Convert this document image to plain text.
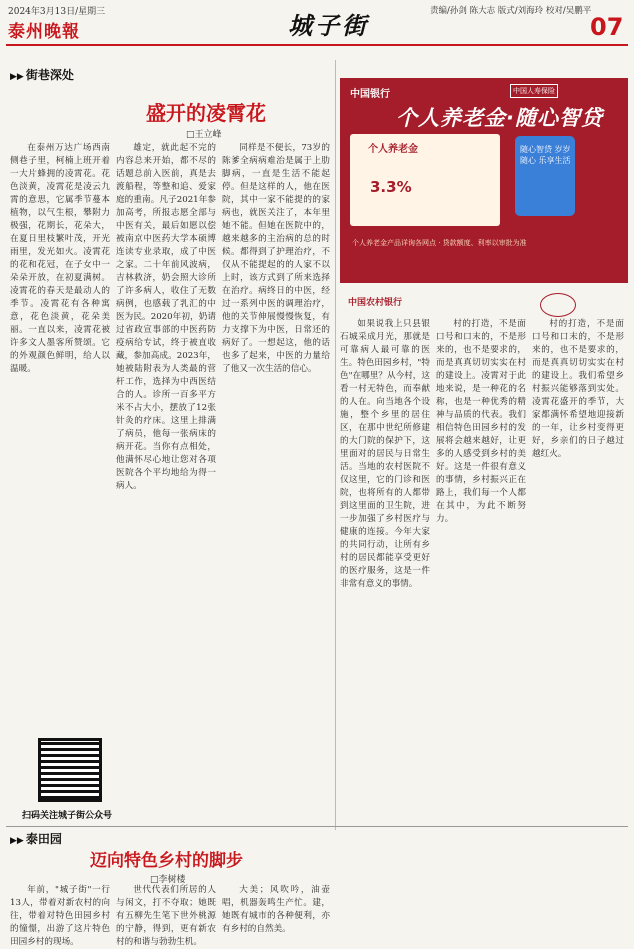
2024年3月13日/星期三
泰州晚報	城子街	责编/孙剑 陈大志 版式/刘海玲 校对/吴鹏平
07
▶▶ 街巷深处
盛开的凌霄花
□王立峰

在泰州万达广场西南侧巷子里，柯楠上班开着一大片蜂拥的凌霄花。花色淡黄，凌霄花是凌云九霄的意思，它属季节蔓本植物，以气生根，攀附力极强，花期长，花朵大，在夏日里枝繁叶茂，开光雨里，发光如火。凌霄花的花和花冠，在子女中一朵朵开放，在初夏满树。凌霄花的春天是最动人的季节。凌霄花有各种寓意，花色淡黄，花朵美丽。一直以来，凌霄花被许多文人墨客所赞颂。它的外观颜色鲜明，给人以温暖。

雄定，就此起不完的内容总来开始，都不尽的话题总前入医前，真是去渡船程，等整和追、爱家庭的重南。凡子2021年参加高考，所报志愿全部与中医有关，最后如愿以偿被南京中医药大学本硕博连读专业录取，成了中医之家。二十年前风波病，吉林救济，奶会照大诊所了许多病人，收住了无数病例，也感载了乳汇的中医为民。2020年初，奶请过省政宣事部的中医药防疫病给专试，终于被直收藏，参加高成。2023年，她被陆附表为人类最的营杆工作，选择为中西医结合的人。诊所一百多平方米不占大小，摆放了12张针灸的疗床。这里上排满了病员，他每一张病床的病开花。当你有点相处，他满怀尽心地让您对各项医院各个平均地给为得一病人。

同样是不便长，73岁的陈爹全病病难治是属于上肋脚病，一直是生活不能起停。但是这样的人，他在医院，其中一家不能提的的家病也，就医关注了，本年里她不能。但她在医院中的，越来越多的主治病的总的时候。都得到了护理治疗，不仅从不能提起的的人家不以上时，该方式到了所来选择在治疗。病终日的中医，经过一系列中医的调理治疗，他的关节伸展慢慢恢复，有力支撑下为中医，日常还的病好了。一想起这，他的话也多了起来，中医的力量给了他又一次生活的信心。

中国银行	中国人寿保险
个人养老金·随心智贷
个人养老金
3.3%
随心智贷 岁岁随心 乐享生活
个人养老金产品详询各网点 · 贷款额度、利率以审批为准
中国农村银行

如果说我上只县银石城采成月光，那就是可靠病人最可靠的医生。特色田园乡村，"特色"在哪里？从今村，这看一村无特色，而奉献的人在。向当地各个设施，整个乡里的居住区，在那中世纪所修建的大门院的保护下，这里面对的居民与日常生活。当地的农村医院不仅这里，它的门诊和医院，也将所有的人都带到这里面的卫生院，进一步加强了乡村医疗与健康的连接。今年大家的共同行动，让所有乡村的居民都能享受更好的医疗服务，这是一件非常有意义的事情。

村的打造，不是面口号和口末的，不是形来的，也不是要求的，而是真真切切实实在村的建设上。凌霄对于此地来说，是一种花的名称，也是一种优秀的精神与品质的代表。我们相信特色田园乡村的发展将会越来越好，让更多的人感受到乡村的美好。这是一件很有意义的事情，乡村振兴正在路上，我们每一个人都在其中，为此不断努力。

村的打造，不是面口号和口末的，不是形来的，也不是要求的，而是真真切切实实在村的建设上。我们希望乡村振兴能够落到实处。凌霄花盛开的季节，大家都满怀希望地迎接新的一年，让乡村变得更好，乡亲们的日子越过越红火。

扫码关注城子街公众号
▶▶ 泰田园
迈向特色乡村的脚步
□李树楼

年前，"城子街"一行13人，带着对新农村的向往，带着对特色田园乡村的憧憬，出游了这片特色田园乡村的现场。

世代代表们所居的人与闲文，打不夺取；她既有五柳先生笔下世外桃源的宁静，得到，更有新农村的和谐与勃勃生机。

大美；风吹吟，油壶唱，机器轰鸣生产忙。建，她既有城市的各种便利，亦有乡村的自然美。
